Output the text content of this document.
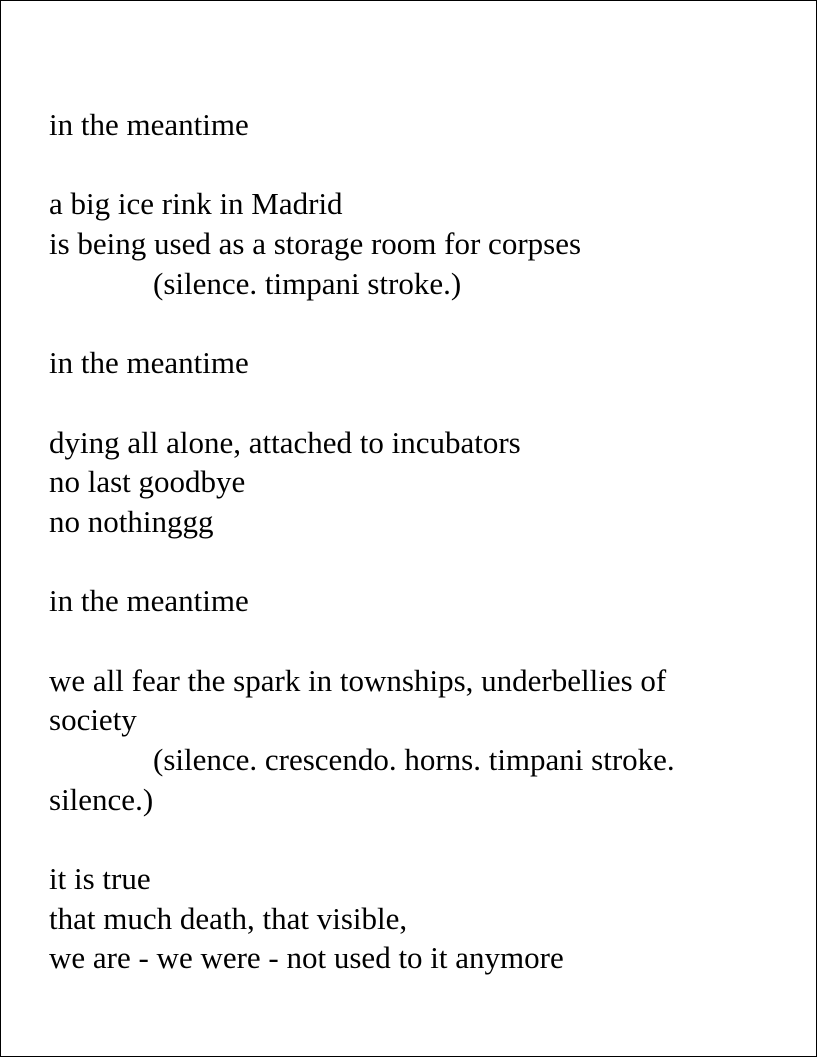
in the meantime
a big ice rink in Madrid
is being used as a storage room for corpses
(silence. timpani stroke.)
in the meantime
dying all alone, attached to incubators
no last goodbye
no nothinggg
in the meantime
we all fear the spark in townships, underbellies of
society
(silence. crescendo. horns. timpani stroke.
silence.)
it is true
that much death, that visible,
we are - we were - not used to it anymore
